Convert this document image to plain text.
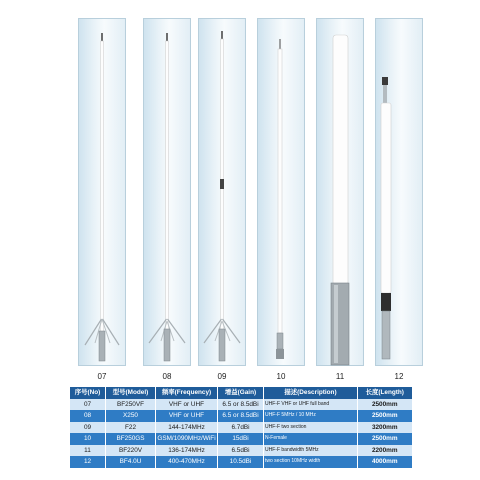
07	08	09	10	11	12
序号(No)	型号(Model)	频率(Frequency)	增益(Gain)	描述(Description)	长度(Length)
07	BF250VF	VHF or UHF	6.5 or 8.5dBi	UHF-F VHF or UHF full band	2500mm
08	X250	VHF or UHF	6.5 or 8.5dBi	UHF-F 5MHz / 10 MHz	2500mm
09	F22	144-174MHz	6.7dBi	UHF-F two section	3200mm
10	BF250GS	GSM/1090MHz/WiFi	15dBi	N-Female	2500mm
11	BF220V	136-174MHz	6.5dBi	UHF-F bandwidth 5MHz	2200mm
12	BF4.0U	400-470MHz	10.5dBi	two section 10MHz width	4000mm
